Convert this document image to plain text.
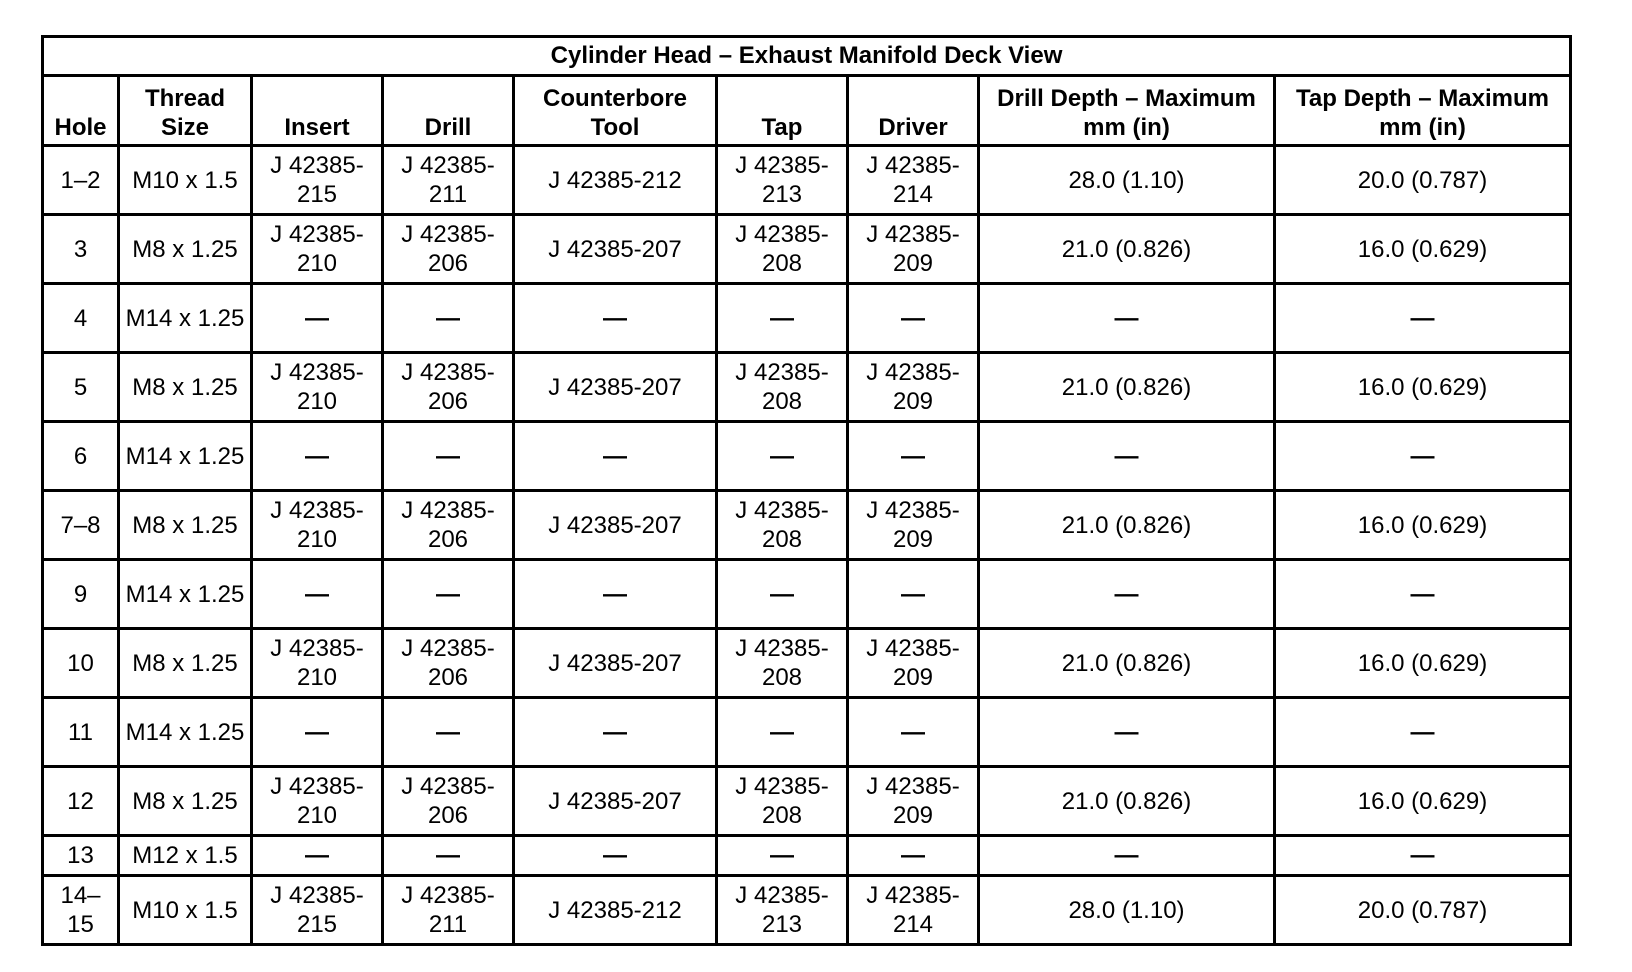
Cylinder Head – Exhaust Manifold Deck View								
Hole	Thread Size	Insert	Drill	Counterbore Tool	Tap	Driver	Drill Depth – Maximum mm (in)	Tap Depth – Maximum mm (in)
1–2	M10 x 1.5	J 42385-215	J 42385-211	J 42385-212	J 42385-213	J 42385-214	28.0 (1.10)	20.0 (0.787)
3	M8 x 1.25	J 42385-210	J 42385-206	J 42385-207	J 42385-208	J 42385-209	21.0 (0.826)	16.0 (0.629)
4	M14 x 1.25	—	—	—	—	—	—	—
5	M8 x 1.25	J 42385-210	J 42385-206	J 42385-207	J 42385-208	J 42385-209	21.0 (0.826)	16.0 (0.629)
6	M14 x 1.25	—	—	—	—	—	—	—
7–8	M8 x 1.25	J 42385-210	J 42385-206	J 42385-207	J 42385-208	J 42385-209	21.0 (0.826)	16.0 (0.629)
9	M14 x 1.25	—	—	—	—	—	—	—
10	M8 x 1.25	J 42385-210	J 42385-206	J 42385-207	J 42385-208	J 42385-209	21.0 (0.826)	16.0 (0.629)
11	M14 x 1.25	—	—	—	—	—	—	—
12	M8 x 1.25	J 42385-210	J 42385-206	J 42385-207	J 42385-208	J 42385-209	21.0 (0.826)	16.0 (0.629)
13	M12 x 1.5	—	—	—	—	—	—	—
14–15	M10 x 1.5	J 42385-215	J 42385-211	J 42385-212	J 42385-213	J 42385-214	28.0 (1.10)	20.0 (0.787)
